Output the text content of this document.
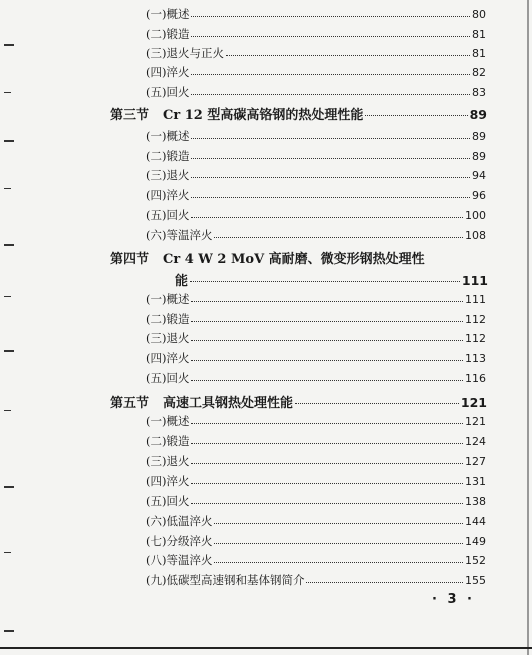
(一)概述	80
(二)锻造	81
(三)退火与正火	81
(四)淬火	82
(五)回火	83
第三节 Cr 12 型高碳高铬钢的热处理性能	89
(一)概述	89
(二)锻造	89
(三)退火	94
(四)淬火	96
(五)回火	100
(六)等温淬火	108
第四节 Cr 4 W 2 MoV 高耐磨、微变形钢热处理性
能	111
(一)概述	111
(二)锻造	112
(三)退火	112
(四)淬火	113
(五)回火	116
第五节 高速工具钢热处理性能	121
(一)概述	121
(二)锻造	124
(三)退火	127
(四)淬火	131
(五)回火	138
(六)低温淬火	144
(七)分级淬火	149
(八)等温淬火	152
(九)低碳型高速钢和基体钢简介	155
· 3 ·
